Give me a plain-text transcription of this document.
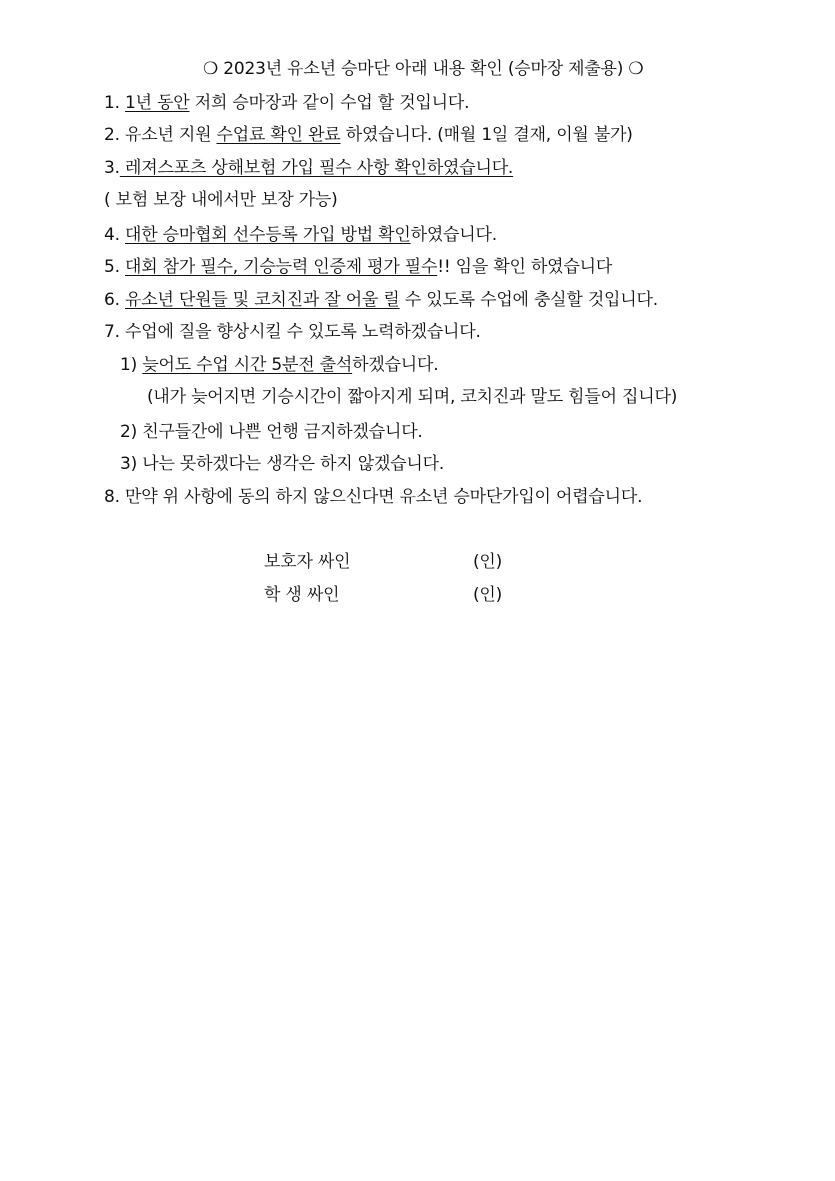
❍ 2023년 유소년 승마단 아래 내용 확인 (승마장 제출용) ❍
1. 1년 동안 저희 승마장과 같이 수업 할 것입니다.
2. 유소년 지원 수업료 확인 완료 하였습니다. (매월 1일 결재, 이월 불가)
3. 레져스포츠 상해보험 가입 필수 사항 확인하였습니다.
( 보험 보장 내에서만 보장 가능)
4. 대한 승마협회 선수등록 가입 방법 확인하였습니다.
5. 대회 참가 필수, 기승능력 인증제 평가 필수!! 임을 확인 하였습니다
6. 유소년 단원들 및 코치진과 잘 어울 릴 수 있도록 수업에 충실할 것입니다.
7. 수업에 질을 향상시킬 수 있도록 노력하겠습니다.
1) 늦어도 수업 시간 5분전 출석하겠습니다.
(내가 늦어지면 기승시간이 짧아지게 되며, 코치진과 말도 힘들어 집니다)
2) 친구들간에 나쁜 언행 금지하겠습니다.
3) 나는 못하겠다는 생각은 하지 않겠습니다.
8. 만약 위 사항에 동의 하지 않으신다면 유소년 승마단가입이 어렵습니다.
보호자 싸인	(인)
학 생 싸인	(인)
